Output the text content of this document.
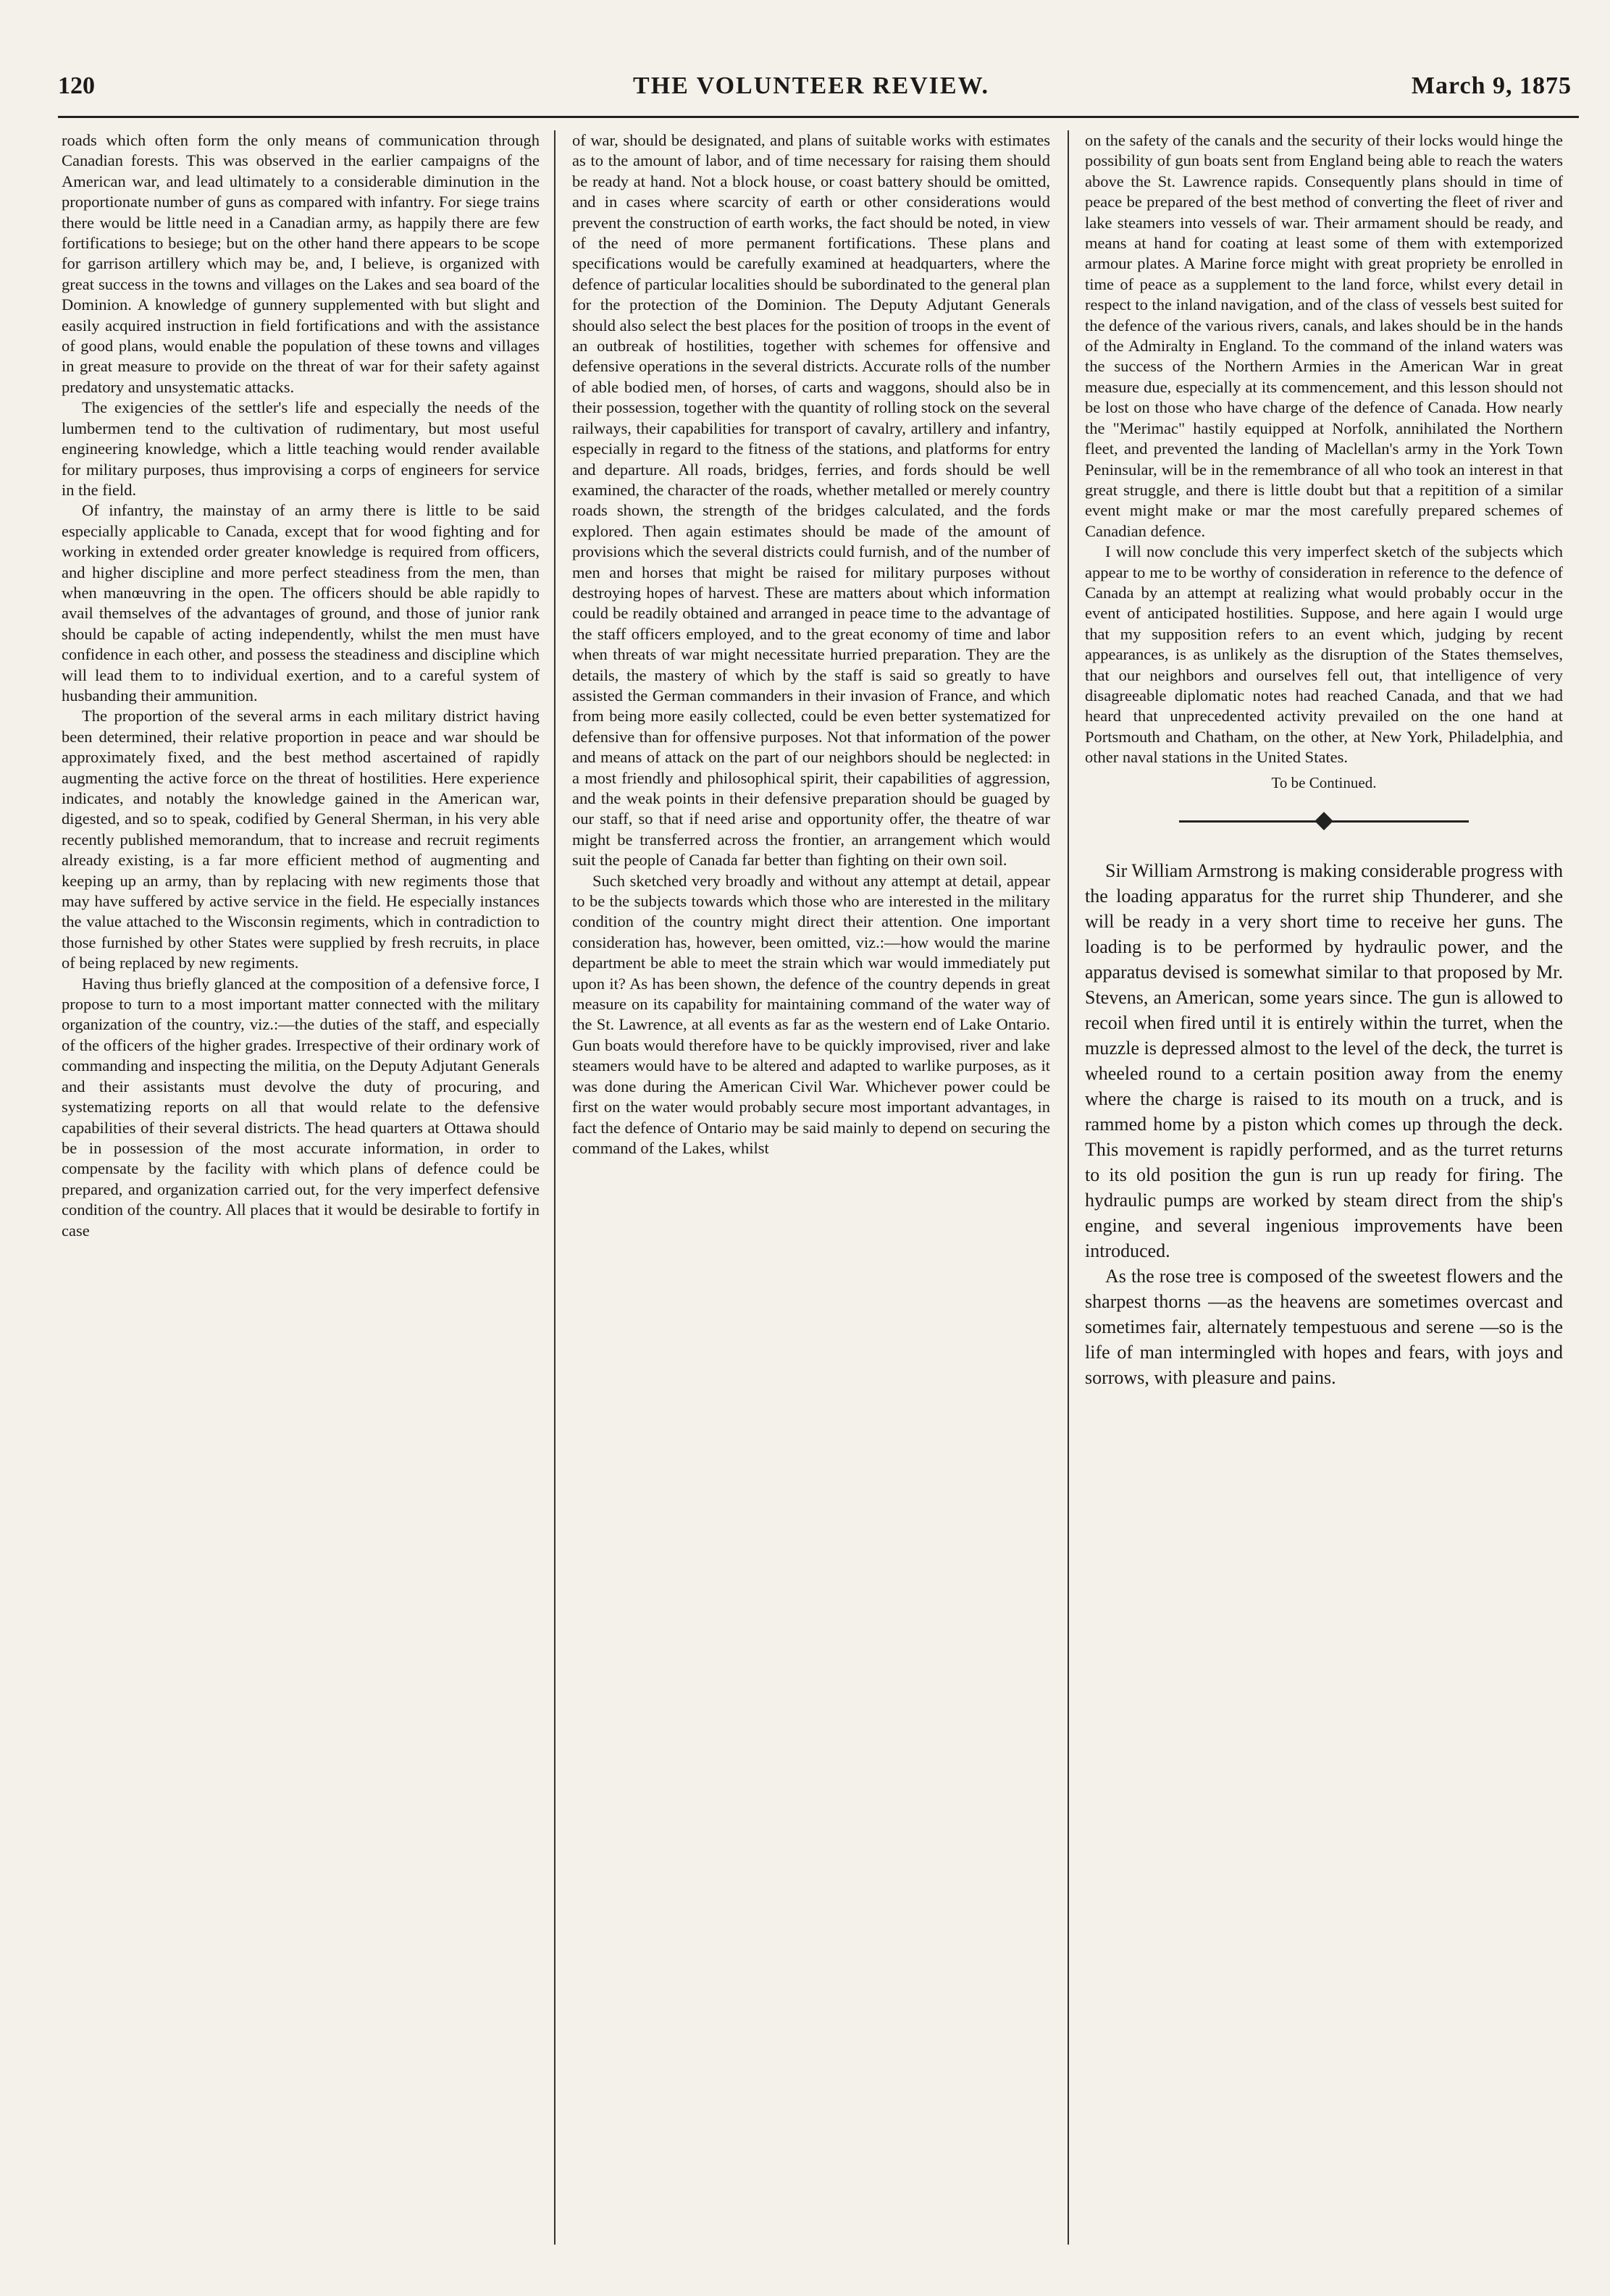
120	THE VOLUNTEER REVIEW.	March 9, 1875

roads which often form the only means of communication through Canadian forests. This was observed in the earlier campaigns of the American war, and lead ultimately to a considerable diminution in the proportionate number of guns as compared with infantry. For siege trains there would be little need in a Canadian army, as happily there are few fortifications to besiege; but on the other hand there appears to be scope for garrison artillery which may be, and, I believe, is organized with great success in the towns and villages on the Lakes and sea board of the Dominion. A knowledge of gunnery supplemented with but slight and easily acquired instruction in field fortifications and with the assistance of good plans, would enable the population of these towns and villages in great measure to provide on the threat of war for their safety against predatory and unsystematic attacks.

The exigencies of the settler's life and especially the needs of the lumbermen tend to the cultivation of rudimentary, but most useful engineering knowledge, which a little teaching would render available for military purposes, thus improvising a corps of engineers for service in the field.

Of infantry, the mainstay of an army there is little to be said especially applicable to Canada, except that for wood fighting and for working in extended order greater knowledge is required from officers, and higher discipline and more perfect steadiness from the men, than when manœuvring in the open. The officers should be able rapidly to avail themselves of the advantages of ground, and those of junior rank should be capable of acting independently, whilst the men must have confidence in each other, and possess the steadiness and discipline which will lead them to to individual exertion, and to a careful system of husbanding their ammunition.

The proportion of the several arms in each military district having been determined, their relative proportion in peace and war should be approximately fixed, and the best method ascertained of rapidly augmenting the active force on the threat of hostilities. Here experience indicates, and notably the knowledge gained in the American war, digested, and so to speak, codified by General Sherman, in his very able recently published memorandum, that to increase and recruit regiments already existing, is a far more efficient method of augmenting and keeping up an army, than by replacing with new regiments those that may have suffered by active service in the field. He especially instances the value attached to the Wisconsin regiments, which in contradiction to those furnished by other States were supplied by fresh recruits, in place of being replaced by new regiments.

Having thus briefly glanced at the composition of a defensive force, I propose to turn to a most important matter connected with the military organization of the country, viz.:—the duties of the staff, and especially of the officers of the higher grades. Irrespective of their ordinary work of commanding and inspecting the militia, on the Deputy Adjutant Generals and their assistants must devolve the duty of procuring, and systematizing reports on all that would relate to the defensive capabilities of their several districts. The head quarters at Ottawa should be in possession of the most accurate information, in order to compensate by the facility with which plans of defence could be prepared, and organization carried out, for the very imperfect defensive condition of the country. All places that it would be desirable to fortify in case

of war, should be designated, and plans of suitable works with estimates as to the amount of labor, and of time necessary for raising them should be ready at hand. Not a block house, or coast battery should be omitted, and in cases where scarcity of earth or other considerations would prevent the construction of earth works, the fact should be noted, in view of the need of more permanent fortifications. These plans and specifications would be carefully examined at headquarters, where the defence of particular localities should be subordinated to the general plan for the protection of the Dominion. The Deputy Adjutant Generals should also select the best places for the position of troops in the event of an outbreak of hostilities, together with schemes for offensive and defensive operations in the several districts. Accurate rolls of the number of able bodied men, of horses, of carts and waggons, should also be in their possession, together with the quantity of rolling stock on the several railways, their capabilities for transport of cavalry, artillery and infantry, especially in regard to the fitness of the stations, and platforms for entry and departure. All roads, bridges, ferries, and fords should be well examined, the character of the roads, whether metalled or merely country roads shown, the strength of the bridges calculated, and the fords explored. Then again estimates should be made of the amount of provisions which the several districts could furnish, and of the number of men and horses that might be raised for military purposes without destroying hopes of harvest. These are matters about which information could be readily obtained and arranged in peace time to the advantage of the staff officers employed, and to the great economy of time and labor when threats of war might necessitate hurried preparation. They are the details, the mastery of which by the staff is said so greatly to have assisted the German commanders in their invasion of France, and which from being more easily collected, could be even better systematized for defensive than for offensive purposes. Not that information of the power and means of attack on the part of our neighbors should be neglected: in a most friendly and philosophical spirit, their capabilities of aggression, and the weak points in their defensive preparation should be guaged by our staff, so that if need arise and opportunity offer, the theatre of war might be transferred across the frontier, an arrangement which would suit the people of Canada far better than fighting on their own soil.

Such sketched very broadly and without any attempt at detail, appear to be the subjects towards which those who are interested in the military condition of the country might direct their attention. One important consideration has, however, been omitted, viz.:—how would the marine department be able to meet the strain which war would immediately put upon it? As has been shown, the defence of the country depends in great measure on its capability for maintaining command of the water way of the St. Lawrence, at all events as far as the western end of Lake Ontario. Gun boats would therefore have to be quickly improvised, river and lake steamers would have to be altered and adapted to warlike purposes, as it was done during the American Civil War. Whichever power could be first on the water would probably secure most important advantages, in fact the defence of Ontario may be said mainly to depend on securing the command of the Lakes, whilst

on the safety of the canals and the security of their locks would hinge the possibility of gun boats sent from England being able to reach the waters above the St. Lawrence rapids. Consequently plans should in time of peace be prepared of the best method of converting the fleet of river and lake steamers into vessels of war. Their armament should be ready, and means at hand for coating at least some of them with extemporized armour plates. A Marine force might with great propriety be enrolled in time of peace as a supplement to the land force, whilst every detail in respect to the inland navigation, and of the class of vessels best suited for the defence of the various rivers, canals, and lakes should be in the hands of the Admiralty in England. To the command of the inland waters was the success of the Northern Armies in the American War in great measure due, especially at its commencement, and this lesson should not be lost on those who have charge of the defence of Canada. How nearly the "Merimac" hastily equipped at Norfolk, annihilated the Northern fleet, and prevented the landing of Maclellan's army in the York Town Peninsular, will be in the remembrance of all who took an interest in that great struggle, and there is little doubt but that a repitition of a similar event might make or mar the most carefully prepared schemes of Canadian defence.

I will now conclude this very imperfect sketch of the subjects which appear to me to be worthy of consideration in reference to the defence of Canada by an attempt at realizing what would probably occur in the event of anticipated hostilities. Suppose, and here again I would urge that my supposition refers to an event which, judging by recent appearances, is as unlikely as the disruption of the States themselves, that our neighbors and ourselves fell out, that intelligence of very disagreeable diplomatic notes had reached Canada, and that we had heard that unprecedented activity prevailed on the one hand at Portsmouth and Chatham, on the other, at New York, Philadelphia, and other naval stations in the United States.

To be Continued.

Sir William Armstrong is making considerable progress with the loading apparatus for the rurret ship Thunderer, and she will be ready in a very short time to receive her guns. The loading is to be performed by hydraulic power, and the apparatus devised is somewhat similar to that proposed by Mr. Stevens, an American, some years since. The gun is allowed to recoil when fired until it is entirely within the turret, when the muzzle is depressed almost to the level of the deck, the turret is wheeled round to a certain position away from the enemy where the charge is raised to its mouth on a truck, and is rammed home by a piston which comes up through the deck. This movement is rapidly performed, and as the turret returns to its old position the gun is run up ready for firing. The hydraulic pumps are worked by steam direct from the ship's engine, and several ingenious improvements have been introduced.

As the rose tree is composed of the sweetest flowers and the sharpest thorns —as the heavens are sometimes overcast and sometimes fair, alternately tempestuous and serene —so is the life of man intermingled with hopes and fears, with joys and sorrows, with pleasure and pains.
